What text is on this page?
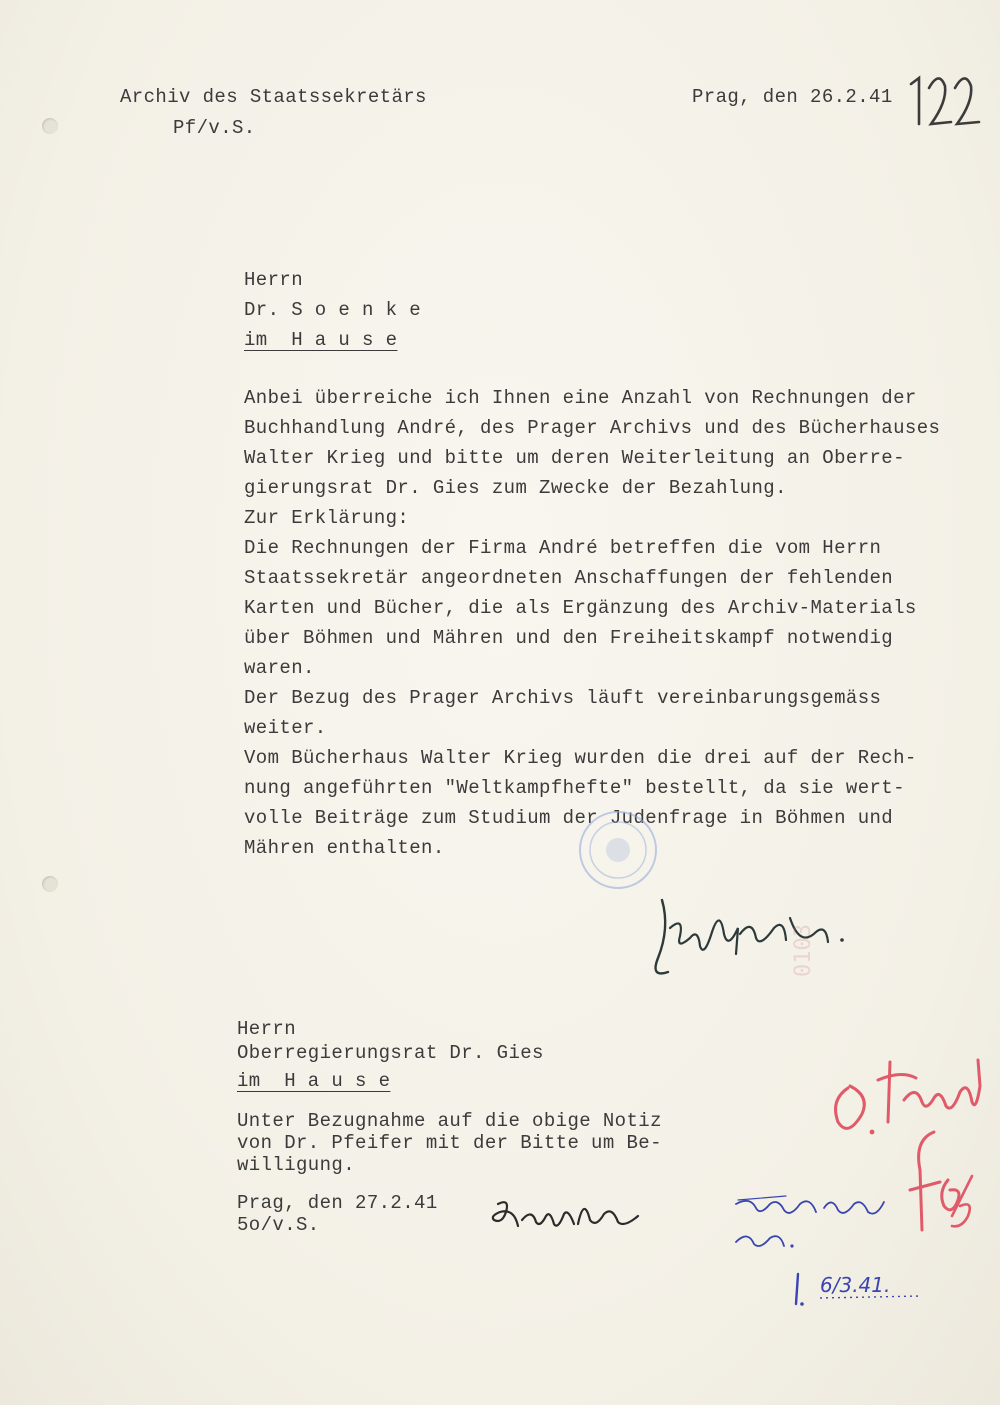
Archiv des Staatssekretärs
Pf/v.S.
Prag, den 26.2.41
Herrn
Dr. S o e n k e
im  H a u s e
Anbei überreiche ich Ihnen eine Anzahl von Rechnungen der
Buchhandlung André, des Prager Archivs und des Bücherhauses
Walter Krieg und bitte um deren Weiterleitung an Oberre-
gierungsrat Dr. Gies zum Zwecke der Bezahlung.
Zur Erklärung:
Die Rechnungen der Firma André betreffen die vom Herrn
Staatssekretär angeordneten Anschaffungen der fehlenden
Karten und Bücher, die als Ergänzung des Archiv-Materials
über Böhmen und Mähren und den Freiheitskampf notwendig
waren.
Der Bezug des Prager Archivs läuft vereinbarungsgemäss
weiter.
Vom Bücherhaus Walter Krieg wurden die drei auf der Rech-
nung angeführten "Weltkampfhefte" bestellt, da sie wert-
volle Beiträge zum Studium der Judenfrage in Böhmen und
Mähren enthalten.
0103
Herrn
Oberregierungsrat Dr. Gies
im  H a u s e
Unter Bezugnahme auf die obige Notiz
von Dr. Pfeifer mit der Bitte um Be-
willigung.
Prag, den 27.2.41
5o/v.S.
6/3.41.
